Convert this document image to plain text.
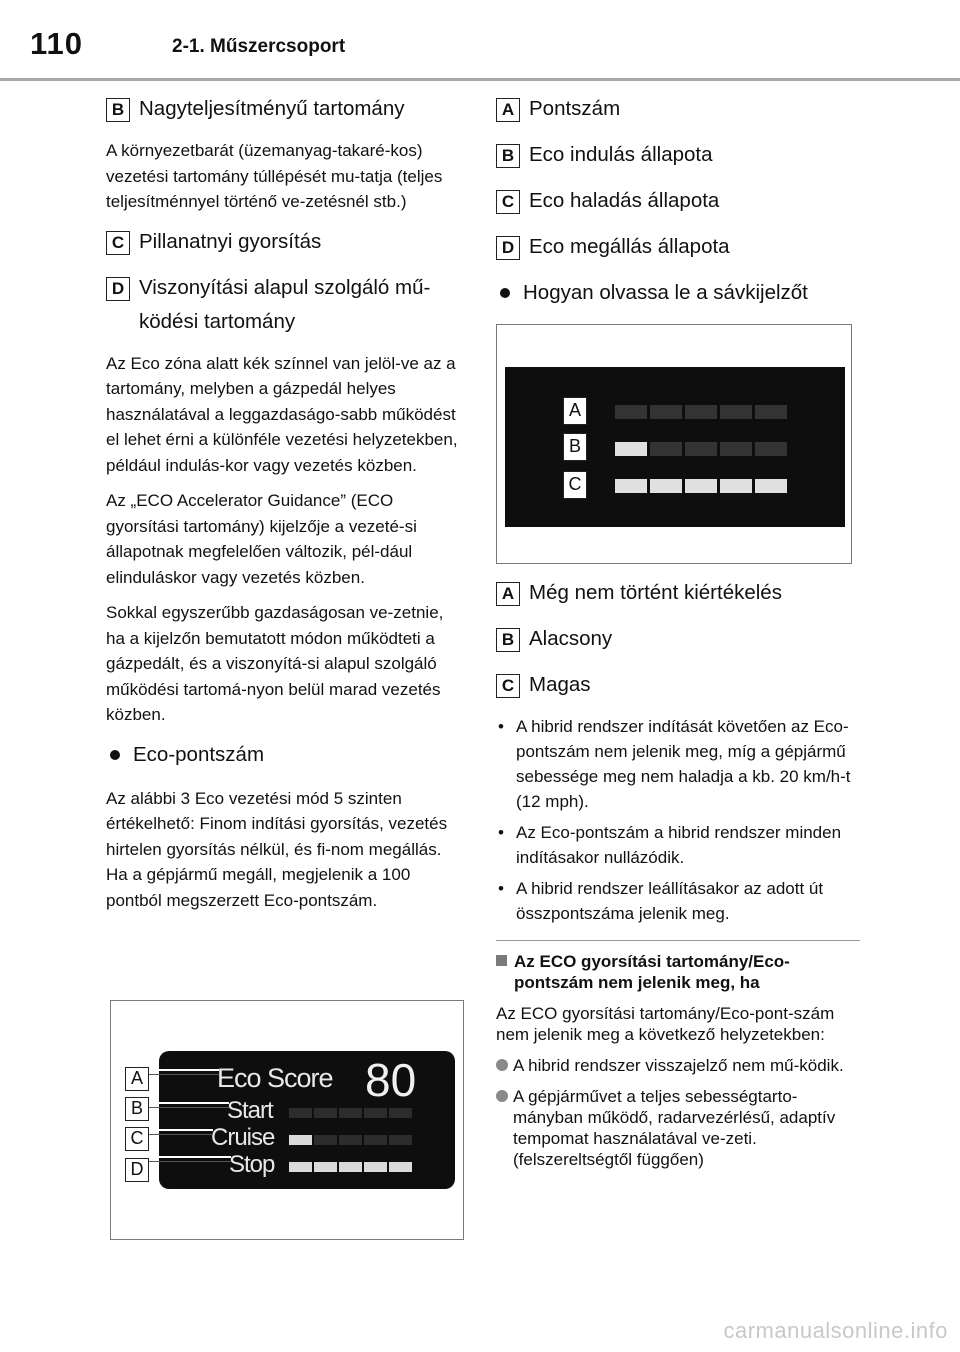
110	2-1. Műszercsoport
B Nagyteljesítményű tartomány

A környezetbarát (üzemanyag-takaré-kos) vezetési tartomány túllépését mu-tatja (teljes teljesítménnyel történő ve-zetésnél stb.)

C Pillanatnyi gyorsítás
D Viszonyítási alapul szolgáló mű-ködési tartomány

Az Eco zóna alatt kék színnel van jelöl-ve az a tartomány, melyben a gázpedál helyes használatával a leggazdaságo-sabb működést el lehet érni a különféle vezetési helyzetekben, például indulás-kor vagy vezetés közben.

Az „ECO Accelerator Guidance” (ECO gyorsítási tartomány) kijelzője a vezeté-si állapotnak megfelelően változik, pél-dául elinduláskor vagy vezetés közben.

Sokkal egyszerűbb gazdaságosan ve-zetnie, ha a kijelzőn bemutatott módon működteti a gázpedált, és a viszonyítá-si alapul szolgáló működési tartomá-nyon belül marad vezetés közben.

Eco-pontszám

Az alábbi 3 Eco vezetési mód 5 szinten értékelhető: Finom indítási gyorsítás, vezetés hirtelen gyorsítás nélkül, és fi-nom megállás. Ha a gépjármű megáll, megjelenik a 100 pontból megszerzett Eco-pontszám.

Eco Score 80
Start
Cruise
Stop
A
B
C
D
A Pontszám
B Eco indulás állapota
C Eco haladás állapota
D Eco megállás állapota
Hogyan olvassa le a sávkijelzőt
A
B
C
A Még nem történt kiértékelés
B Alacsony
C Magas
• A hibrid rendszer indítását követően az Eco-pontszám nem jelenik meg, míg a gépjármű sebessége meg nem haladja a kb. 20 km/h-t (12 mph).
• Az Eco-pontszám a hibrid rendszer minden indításakor nullázódik.
• A hibrid rendszer leállításakor az adott út összpontszáma jelenik meg.
Az ECO gyorsítási tartomány/Eco-pontszám nem jelenik meg, ha
Az ECO gyorsítási tartomány/Eco-pont-szám nem jelenik meg a következő helyzetekben:
A hibrid rendszer visszajelző nem mű-ködik.
A gépjárművet a teljes sebességtarto-mányban működő, radarvezérlésű, adaptív tempomat használatával ve-zeti. (felszereltségtől függően)
carmanualsonline.info
